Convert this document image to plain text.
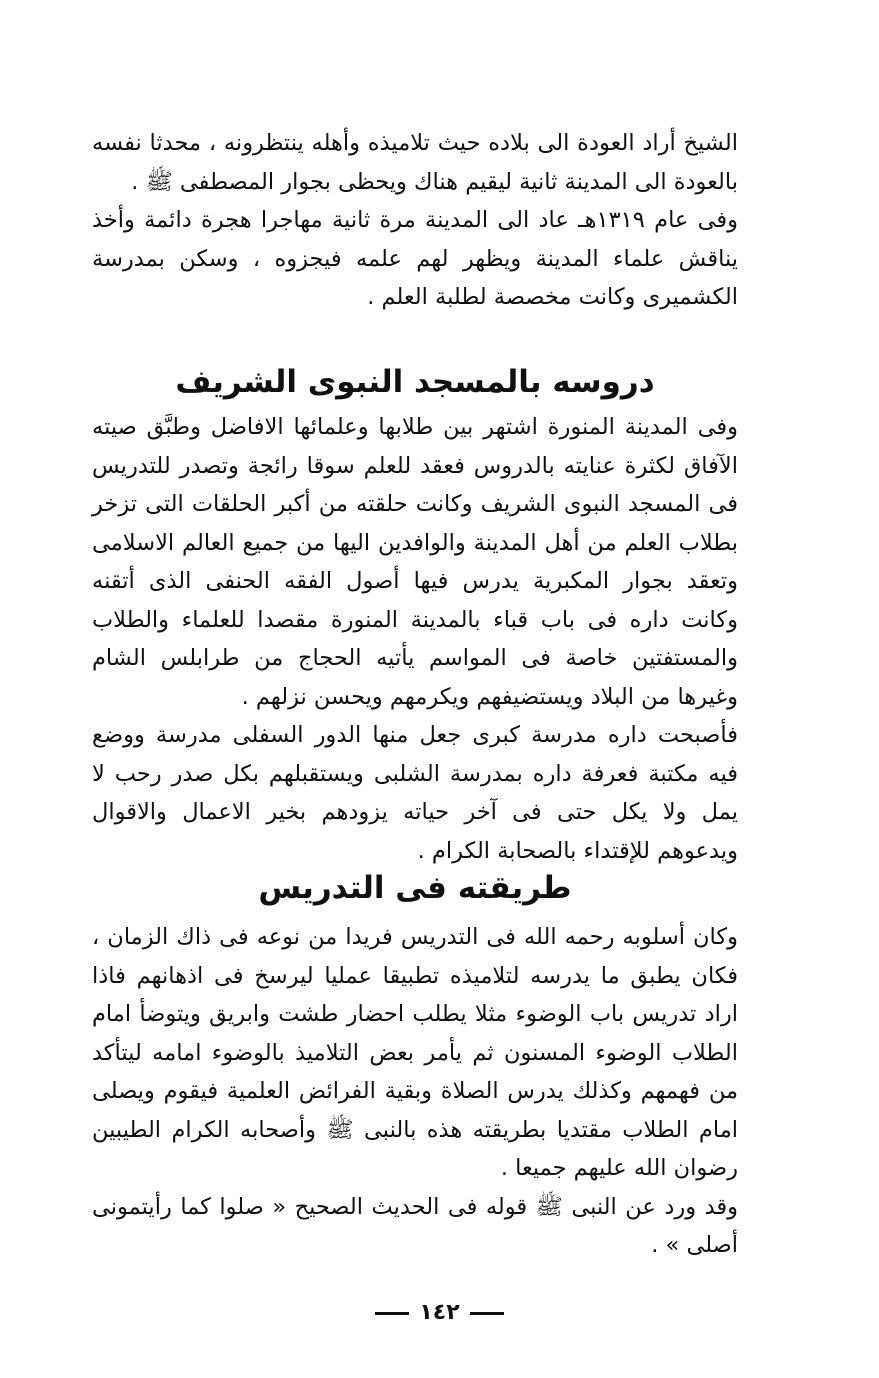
الشيخ أراد العودة الى بلاده حيث تلاميذه وأهله ينتظرونه ، محدثا نفسه بالعودة الى المدينة ثانية ليقيم هناك ويحظى بجوار المصطفى ﷺ .

وفى عام ١٣١٩هـ عاد الى المدينة مرة ثانية مهاجرا هجرة دائمة وأخذ يناقش علماء المدينة ويظهر لهم علمه فيجزوه ، وسكن بمدرسة الكشميرى وكانت مخصصة لطلبة العلم .

دروسه بالمسجد النبوى الشريف

وفى المدينة المنورة اشتهر بين طلابها وعلمائها الافاضل وطبَّق صيته الآفاق لكثرة عنايته بالدروس فعقد للعلم سوقا رائجة وتصدر للتدريس فى المسجد النبوى الشريف وكانت حلقته من أكبر الحلقات التى تزخر بطلاب العلم من أهل المدينة والوافدين اليها من جميع العالم الاسلامى وتعقد بجوار المكبرية يدرس فيها أصول الفقه الحنفى الذى أتقنه وكانت داره فى باب قباء بالمدينة المنورة مقصدا للعلماء والطلاب والمستفتين خاصة فى المواسم يأتيه الحجاج من طرابلس الشام وغيرها من البلاد ويستضيفهم ويكرمهم ويحسن نزلهم .

فأصبحت داره مدرسة كبرى جعل منها الدور السفلى مدرسة ووضع فيه مكتبة فعرفة داره بمدرسة الشلبى ويستقبلهم بكل صدر رحب لا يمل ولا يكل حتى فى آخر حياته يزودهم بخير الاعمال والاقوال ويدعوهم للإقتداء بالصحابة الكرام .

طريقته فى التدريس

وكان أسلوبه رحمه الله فى التدريس فريدا من نوعه فى ذاك الزمان ، فكان يطبق ما يدرسه لتلاميذه تطبيقا عمليا ليرسخ فى اذهانهم فاذا اراد تدريس باب الوضوء مثلا يطلب احضار طشت وابريق ويتوضأ امام الطلاب الوضوء المسنون ثم يأمر بعض التلاميذ بالوضوء امامه ليتأكد من فهمهم وكذلك يدرس الصلاة وبقية الفرائض العلمية فيقوم ويصلى امام الطلاب مقتديا بطريقته هذه بالنبى ﷺ وأصحابه الكرام الطيبين رضوان الله عليهم جميعا .

وقد ورد عن النبى ﷺ قوله فى الحديث الصحيح « صلوا كما رأيتمونى أصلى » .

١٤٢
